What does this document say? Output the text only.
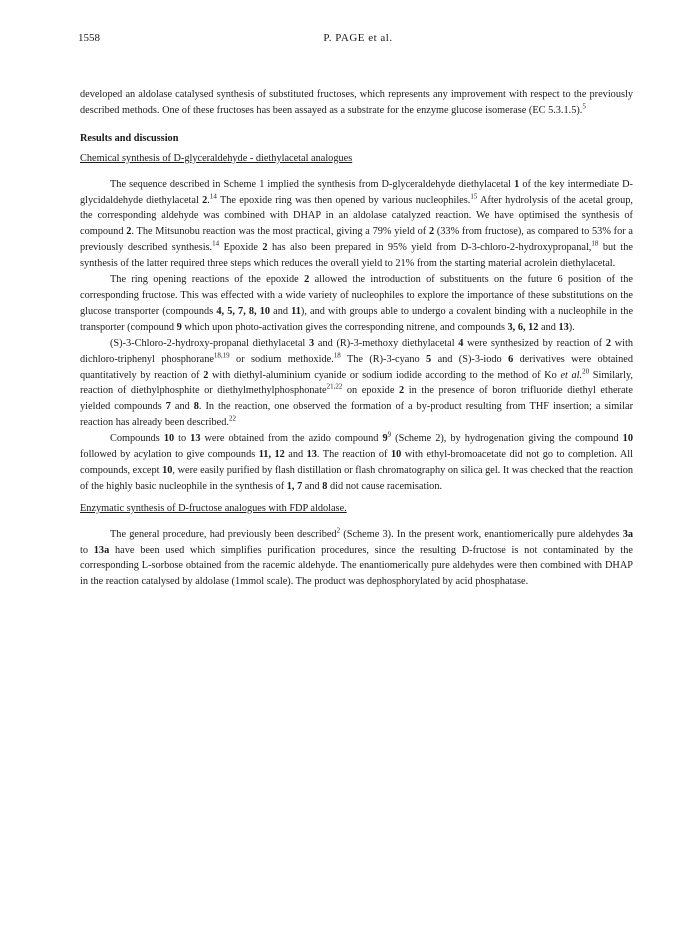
1558	P. PAGE et al.

developed an aldolase catalysed synthesis of substituted fructoses, which represents any improvement with respect to the previously described methods. One of these fructoses has been assayed as a substrate for the enzyme glucose isomerase (EC 5.3.1.5).$^5$

Results and discussion

Chemical synthesis of D-glyceraldehyde - diethylacetal analogues

The sequence described in Scheme 1 implied the synthesis from D-glyceraldehyde diethylacetal 1 of the key intermediate D-glycidaldehyde diethylacetal 2.14 The epoxide ring was then opened by various nucleophiles.$^{15}$ After hydrolysis of the acetal group, the corresponding aldehyde was combined with DHAP in an aldolase catalyzed reaction. We have optimised the synthesis of compound 2. The Mitsunobu reaction was the most practical, giving a 79% yield of 2 (33% from fructose), as compared to 53% for a previously described synthesis.$^{14}$ Epoxide 2 has also been prepared in 95% yield from D-3-chloro-2-hydroxypropanal,$^{18}$ but the synthesis of the latter required three steps which reduces the overall yield to 21% from the starting material acrolein diethylacetal.

The ring opening reactions of the epoxide 2 allowed the introduction of substituents on the future 6 position of the corresponding fructose. This was effected with a wide variety of nucleophiles to explore the importance of these substitutions on the glucose transporter (compounds 4, 5, 7, 8, 10 and 11), and with groups able to undergo a covalent binding with a nucleophile in the transporter (compound 9 which upon photo-activation gives the corresponding nitrene, and compounds 3, 6, 12 and 13).

(S)-3-Chloro-2-hydroxy-propanal diethylacetal 3 and (R)-3-methoxy diethylacetal 4 were synthesized by reaction of 2 with dichloro-triphenyl phosphorane$^{18,19}$ or sodium methoxide.$^{18}$ The (R)-3-cyano 5 and (S)-3-iodo 6 derivatives were obtained quantitatively by reaction of 2 with diethyl-aluminium cyanide or sodium iodide according to the method of Ko et al.$^{20}$ Similarly, reaction of diethylphosphite or diethylmethylphosphonate$^{21,22}$ on epoxide 2 in the presence of boron trifluoride diethyl etherate yielded compounds 7 and 8. In the reaction, one observed the formation of a by-product resulting from THF insertion; a similar reaction has already been described.$^{22}$

Compounds 10 to 13 were obtained from the azido compound $9^9$ (Scheme 2), by hydrogenation giving the compound 10 followed by acylation to give compounds 11, 12 and 13. The reaction of 10 with ethyl-bromoacetate did not go to completion. All compounds, except 10, were easily purified by flash distillation or flash chromatography on silica gel. It was checked that the reaction of the highly basic nucleophile in the synthesis of 1, 7 and 8 did not cause racemisation.

Enzymatic synthesis of D-fructose analogues with FDP aldolase.

The general procedure, had previously been described$^2$ (Scheme 3). In the present work, enantiomerically pure aldehydes 3a to 13a have been used which simplifies purification procedures, since the resulting D-fructose is not contaminated by the corresponding L-sorbose obtained from the racemic aldehyde. The enantiomerically pure aldehydes were then combined with DHAP in the reaction catalysed by aldolase (1mmol scale). The product was dephosphorylated by acid phosphatase.
